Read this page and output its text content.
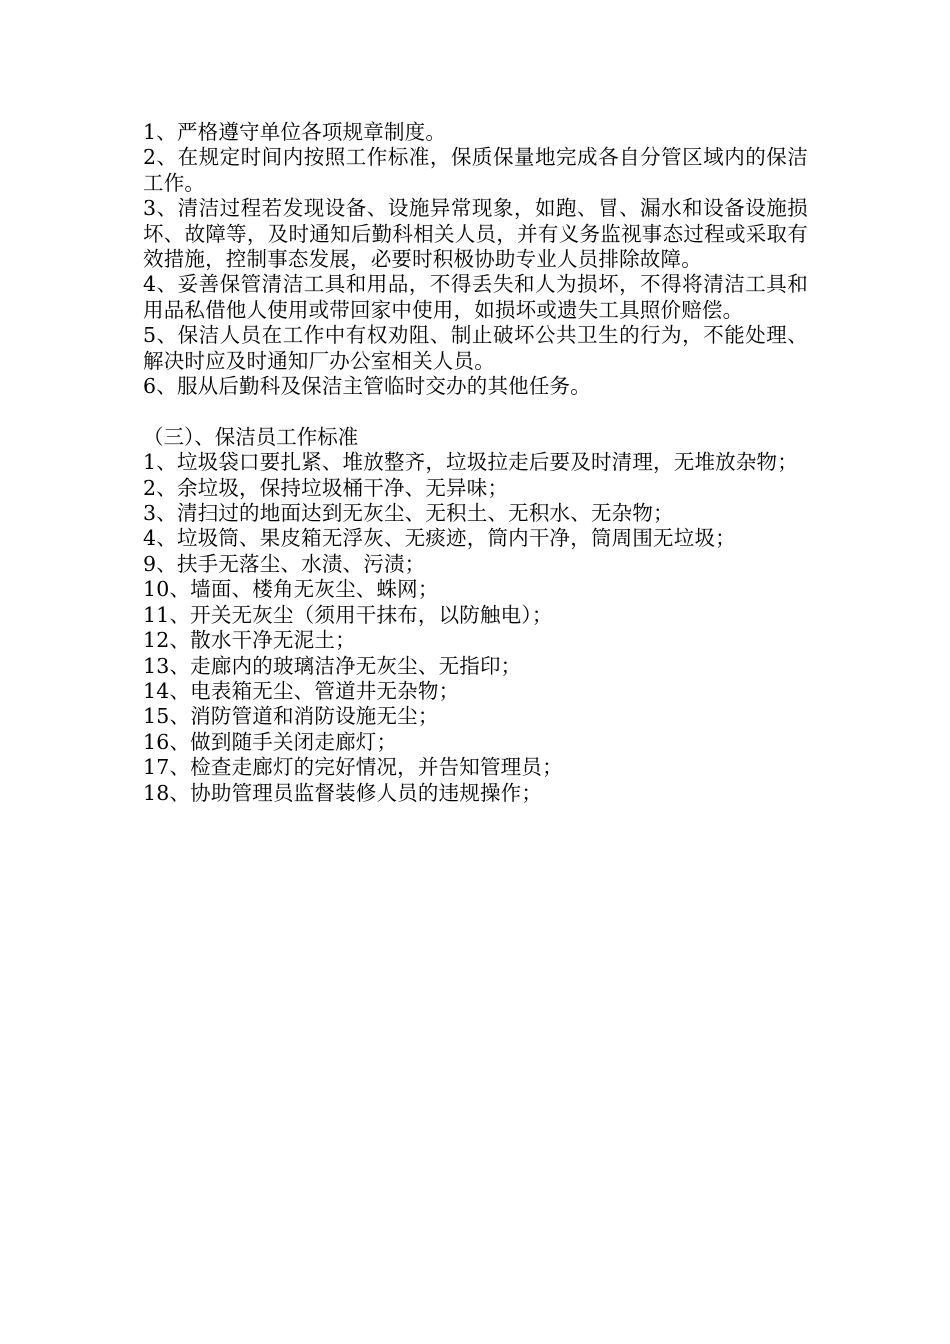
1、严格遵守单位各项规章制度。

2、在规定时间内按照工作标准，保质保量地完成各自分管区域内的保洁工作。

3、清洁过程若发现设备、设施异常现象，如跑、冒、漏水和设备设施损坏、故障等，及时通知后勤科相关人员，并有义务监视事态过程或采取有效措施，控制事态发展，必要时积极协助专业人员排除故障。

4、妥善保管清洁工具和用品，不得丢失和人为损坏，不得将清洁工具和用品私借他人使用或带回家中使用，如损坏或遗失工具照价赔偿。

5、保洁人员在工作中有权劝阻、制止破坏公共卫生的行为，不能处理、解决时应及时通知厂办公室相关人员。

6、服从后勤科及保洁主管临时交办的其他任务。

（三）、保洁员工作标准

1、垃圾袋口要扎紧、堆放整齐，垃圾拉走后要及时清理，无堆放杂物；

2、余垃圾，保持垃圾桶干净、无异味；

3、清扫过的地面达到无灰尘、无积土、无积水、无杂物；

4、垃圾筒、果皮箱无浮灰、无痰迹，筒内干净，筒周围无垃圾；

9、扶手无落尘、水渍、污渍；

10、墙面、楼角无灰尘、蛛网；

11、开关无灰尘（须用干抹布，以防触电）；

12、散水干净无泥土；

13、走廊内的玻璃洁净无灰尘、无指印；

14、电表箱无尘、管道井无杂物；

15、消防管道和消防设施无尘；

16、做到随手关闭走廊灯；

17、检查走廊灯的完好情况，并告知管理员；

18、协助管理员监督装修人员的违规操作；
